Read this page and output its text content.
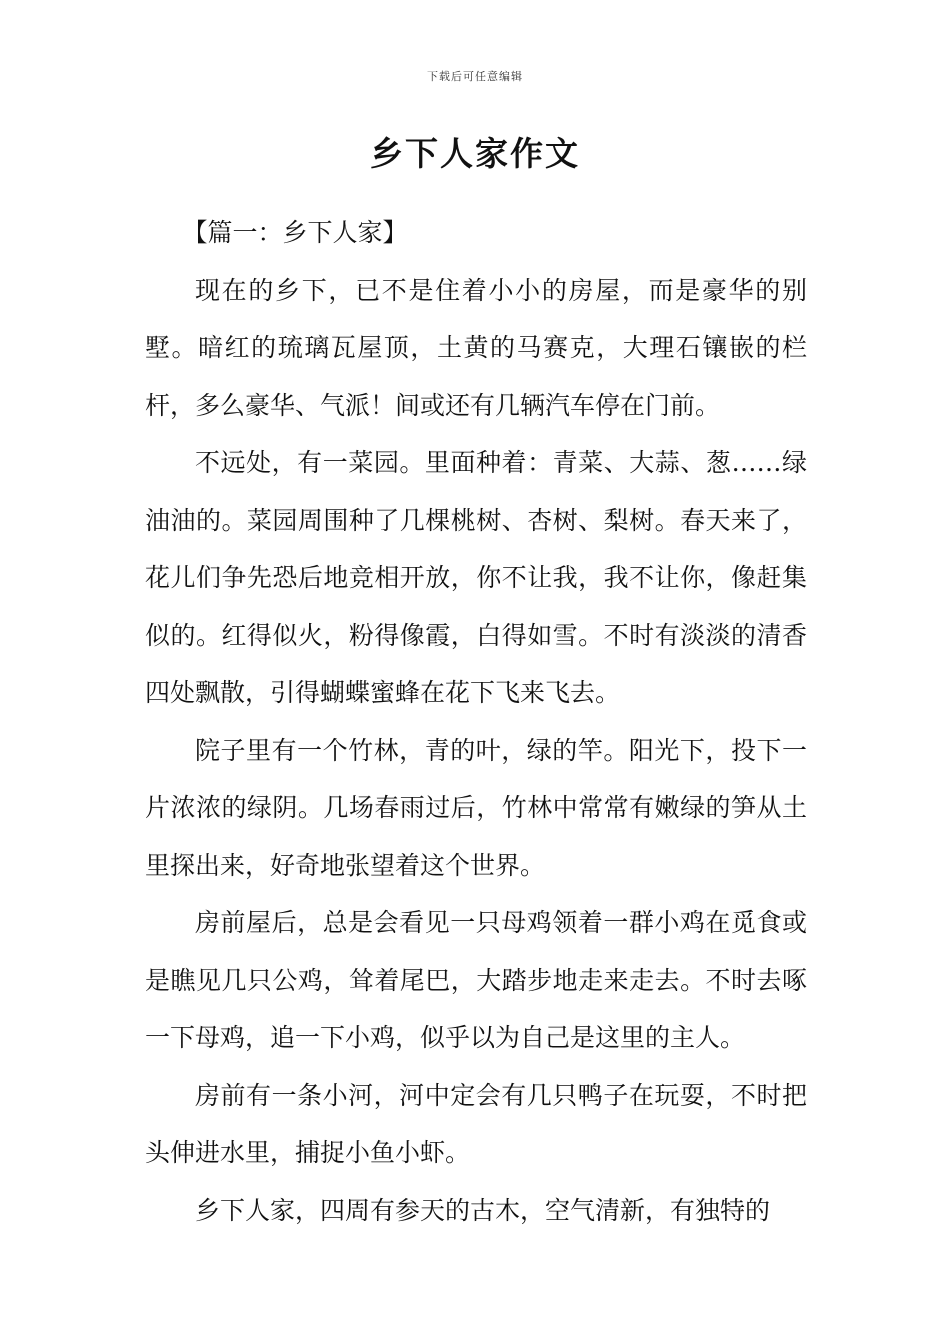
下载后可任意编辑
乡下人家作文

【篇一：乡下人家】

现在的乡下，已不是住着小小的房屋，而是豪华的别墅。暗红的琉璃瓦屋顶，土黄的马赛克，大理石镶嵌的栏杆，多么豪华、气派！间或还有几辆汽车停在门前。

不远处，有一菜园。里面种着：青菜、大蒜、葱……绿油油的。菜园周围种了几棵桃树、杏树、梨树。春天来了，花儿们争先恐后地竞相开放，你不让我，我不让你，像赶集似的。红得似火，粉得像霞，白得如雪。不时有淡淡的清香四处飘散，引得蝴蝶蜜蜂在花下飞来飞去。

院子里有一个竹林，青的叶，绿的竿。阳光下，投下一片浓浓的绿阴。几场春雨过后，竹林中常常有嫩绿的笋从土里探出来，好奇地张望着这个世界。

房前屋后，总是会看见一只母鸡领着一群小鸡在觅食或是瞧见几只公鸡，耸着尾巴，大踏步地走来走去。不时去啄一下母鸡，追一下小鸡，似乎以为自己是这里的主人。

房前有一条小河，河中定会有几只鸭子在玩耍，不时把头伸进水里，捕捉小鱼小虾。

乡下人家，四周有参天的古木，空气清新，有独特的
